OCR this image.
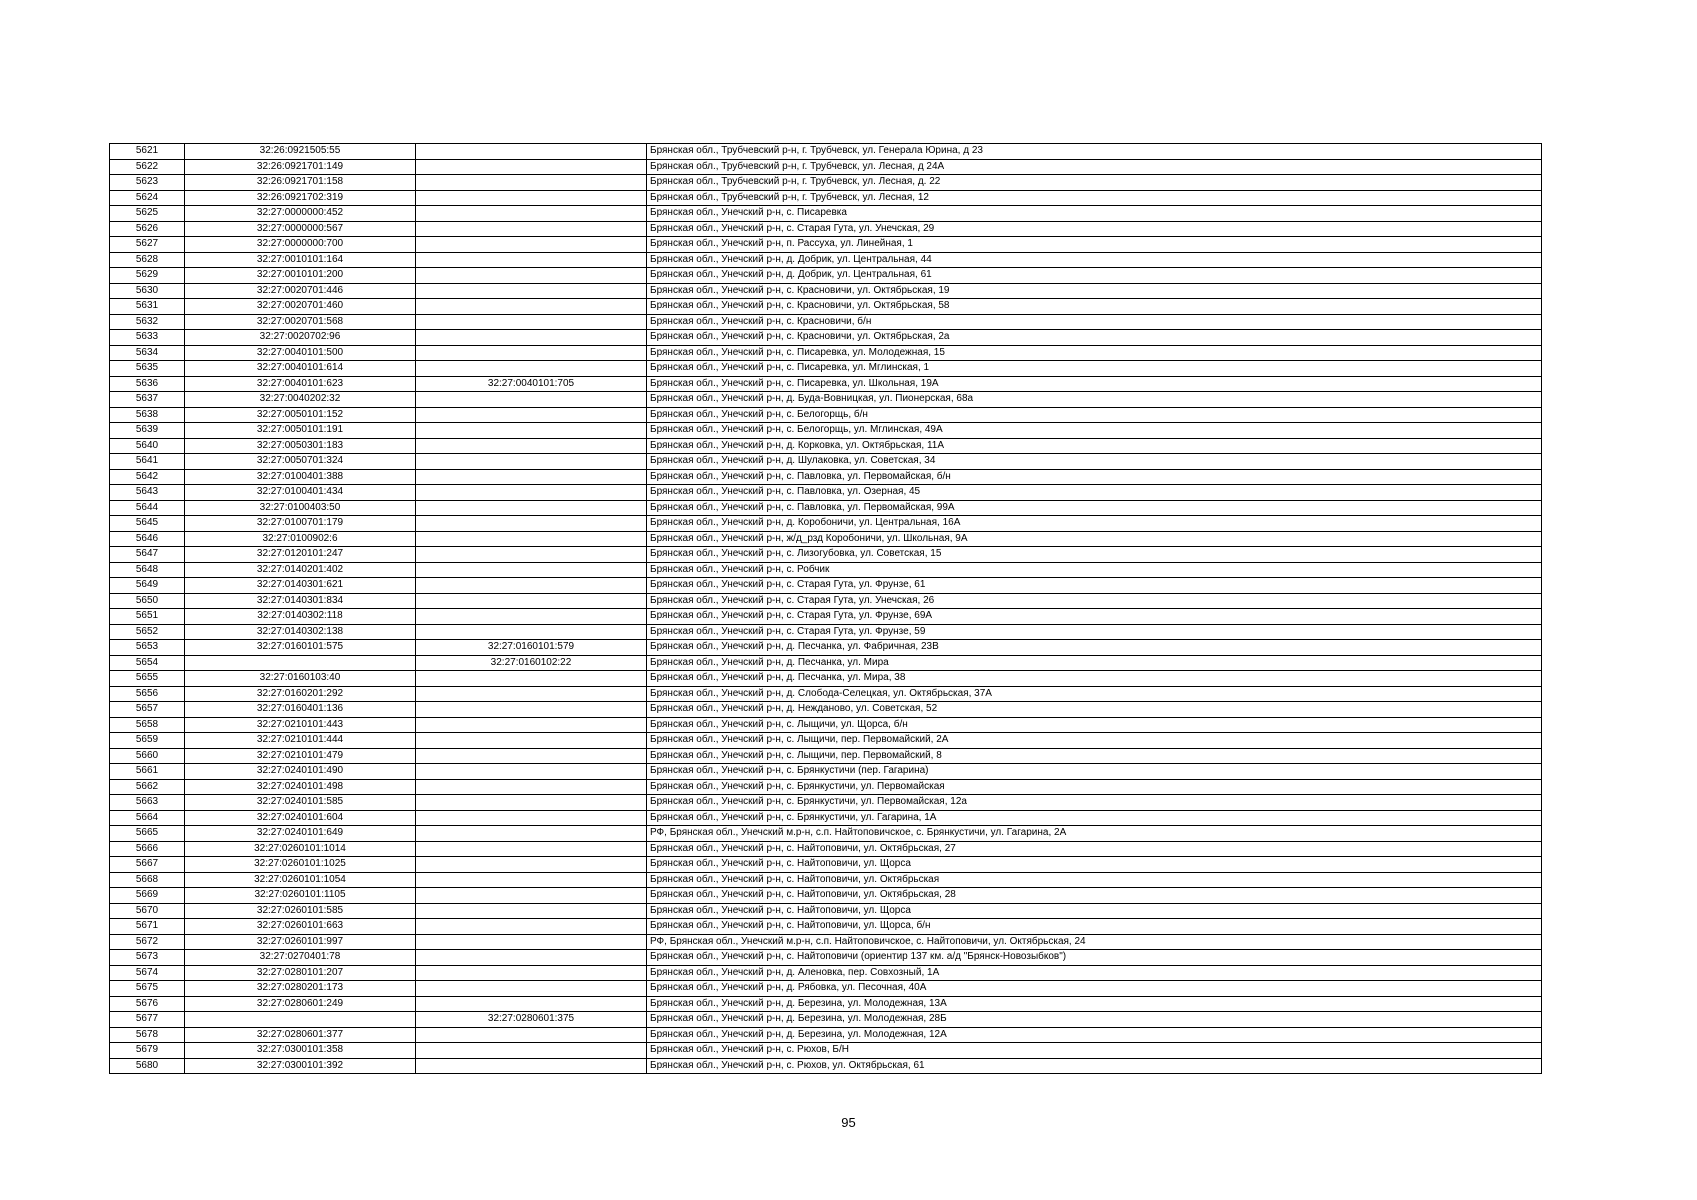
5621	32:26:0921505:55		Брянская обл., Трубчевский р-н, г. Трубчевск, ул. Генерала Юрина, д 23
5622	32:26:0921701:149		Брянская обл., Трубчевский р-н, г. Трубчевск, ул. Лесная, д 24А
5623	32:26:0921701:158		Брянская обл., Трубчевский р-н, г. Трубчевск, ул. Лесная, д. 22
5624	32:26:0921702:319		Брянская обл., Трубчевский р-н, г. Трубчевск, ул. Лесная, 12
5625	32:27:0000000:452		Брянская обл., Унечский р-н, с. Писаревка
5626	32:27:0000000:567		Брянская обл., Унечский р-н, с. Старая Гута, ул. Унечская, 29
5627	32:27:0000000:700		Брянская обл., Унечский р-н, п. Рассуха, ул. Линейная, 1
5628	32:27:0010101:164		Брянская обл., Унечский р-н, д. Добрик, ул. Центральная, 44
5629	32:27:0010101:200		Брянская обл., Унечский р-н, д. Добрик, ул. Центральная, 61
5630	32:27:0020701:446		Брянская обл., Унечский р-н, с. Красновичи, ул. Октябрьская, 19
5631	32:27:0020701:460		Брянская обл., Унечский р-н, с. Красновичи, ул. Октябрьская, 58
5632	32:27:0020701:568		Брянская обл., Унечский р-н, с. Красновичи, б/н
5633	32:27:0020702:96		Брянская обл., Унечский р-н, с. Красновичи, ул. Октябрьская, 2а
5634	32:27:0040101:500		Брянская обл., Унечский р-н, с. Писаревка, ул. Молодежная, 15
5635	32:27:0040101:614		Брянская обл., Унечский р-н, с. Писаревка, ул. Мглинская, 1
5636	32:27:0040101:623	32:27:0040101:705	Брянская обл., Унечский р-н, с. Писаревка, ул. Школьная, 19А
5637	32:27:0040202:32		Брянская обл., Унечский р-н, д. Буда-Вовницкая, ул. Пионерская, 68а
5638	32:27:0050101:152		Брянская обл., Унечский р-н, с. Белогорщь, б/н
5639	32:27:0050101:191		Брянская обл., Унечский р-н, с. Белогорщь, ул. Мглинская, 49А
5640	32:27:0050301:183		Брянская обл., Унечский р-н, д. Корковка, ул. Октябрьская, 11А
5641	32:27:0050701:324		Брянская обл., Унечский р-н, д. Шулаковка, ул. Советская, 34
5642	32:27:0100401:388		Брянская обл., Унечский р-н, с. Павловка, ул. Первомайская, б/н
5643	32:27:0100401:434		Брянская обл., Унечский р-н, с. Павловка, ул. Озерная, 45
5644	32:27:0100403:50		Брянская обл., Унечский р-н, с. Павловка, ул. Первомайская, 99А
5645	32:27:0100701:179		Брянская обл., Унечский р-н, д. Коробоничи, ул. Центральная, 16А
5646	32:27:0100902:6		Брянская обл., Унечский р-н, ж/д_рзд Коробоничи, ул. Школьная, 9А
5647	32:27:0120101:247		Брянская обл., Унечский р-н, с. Лизогубовка, ул. Советская, 15
5648	32:27:0140201:402		Брянская обл., Унечский р-н, с. Робчик
5649	32:27:0140301:621		Брянская обл., Унечский р-н, с. Старая Гута, ул. Фрунзе, 61
5650	32:27:0140301:834		Брянская обл., Унечский р-н, с. Старая Гута, ул. Унечская, 26
5651	32:27:0140302:118		Брянская обл., Унечский р-н, с. Старая Гута, ул. Фрунзе, 69А
5652	32:27:0140302:138		Брянская обл., Унечский р-н, с. Старая Гута, ул. Фрунзе, 59
5653	32:27:0160101:575	32:27:0160101:579	Брянская обл., Унечский р-н, д. Песчанка, ул. Фабричная, 23В
5654		32:27:0160102:22	Брянская обл., Унечский р-н, д. Песчанка, ул. Мира
5655	32:27:0160103:40		Брянская обл., Унечский р-н, д. Песчанка, ул. Мира, 38
5656	32:27:0160201:292		Брянская обл., Унечский р-н, д. Слобода-Селецкая, ул. Октябрьская, 37А
5657	32:27:0160401:136		Брянская обл., Унечский р-н, д. Нежданово, ул. Советская, 52
5658	32:27:0210101:443		Брянская обл., Унечский р-н, с. Лыщичи, ул. Щорса, б/н
5659	32:27:0210101:444		Брянская обл., Унечский р-н, с. Лыщичи, пер. Первомайский, 2А
5660	32:27:0210101:479		Брянская обл., Унечский р-н, с. Лыщичи, пер. Первомайский, 8
5661	32:27:0240101:490		Брянская обл., Унечский р-н, с. Брянкустичи (пер. Гагарина)
5662	32:27:0240101:498		Брянская обл., Унечский р-н, с. Брянкустичи, ул. Первомайская
5663	32:27:0240101:585		Брянская обл., Унечский р-н, с. Брянкустичи, ул. Первомайская, 12а
5664	32:27:0240101:604		Брянская обл., Унечский р-н, с. Брянкустичи, ул. Гагарина, 1А
5665	32:27:0240101:649		РФ, Брянская обл., Унечский м.р-н, с.п. Найтоповичское, с. Брянкустичи, ул. Гагарина, 2А
5666	32:27:0260101:1014		Брянская обл., Унечский р-н, с. Найтоповичи, ул. Октябрьская, 27
5667	32:27:0260101:1025		Брянская обл., Унечский р-н, с. Найтоповичи, ул. Щорса
5668	32:27:0260101:1054		Брянская обл., Унечский р-н, с. Найтоповичи, ул. Октябрьская
5669	32:27:0260101:1105		Брянская обл., Унечский р-н, с. Найтоповичи, ул. Октябрьская, 28
5670	32:27:0260101:585		Брянская обл., Унечский р-н, с. Найтоповичи, ул. Щорса
5671	32:27:0260101:663		Брянская обл., Унечский р-н, с. Найтоповичи, ул. Щорса, б/н
5672	32:27:0260101:997		РФ, Брянская обл., Унечский м.р-н, с.п. Найтоповичское, с. Найтоповичи, ул. Октябрьская, 24
5673	32:27:0270401:78		Брянская обл., Унечский р-н, с. Найтоповичи (ориентир 137 км. а/д "Брянск-Новозыбков")
5674	32:27:0280101:207		Брянская обл., Унечский р-н, д. Аленовка, пер. Совхозный, 1А
5675	32:27:0280201:173		Брянская обл., Унечский р-н, д. Рябовка, ул. Песочная, 40А
5676	32:27:0280601:249		Брянская обл., Унечский р-н, д. Березина, ул. Молодежная, 13А
5677		32:27:0280601:375	Брянская обл., Унечский р-н, д. Березина, ул. Молодежная, 28Б
5678	32:27:0280601:377		Брянская обл., Унечский р-н, д. Березина, ул. Молодежная, 12А
5679	32:27:0300101:358		Брянская обл., Унечский р-н, с. Рюхов, Б/Н
5680	32:27:0300101:392		Брянская обл., Унечский р-н, с. Рюхов, ул. Октябрьская, 61
95
